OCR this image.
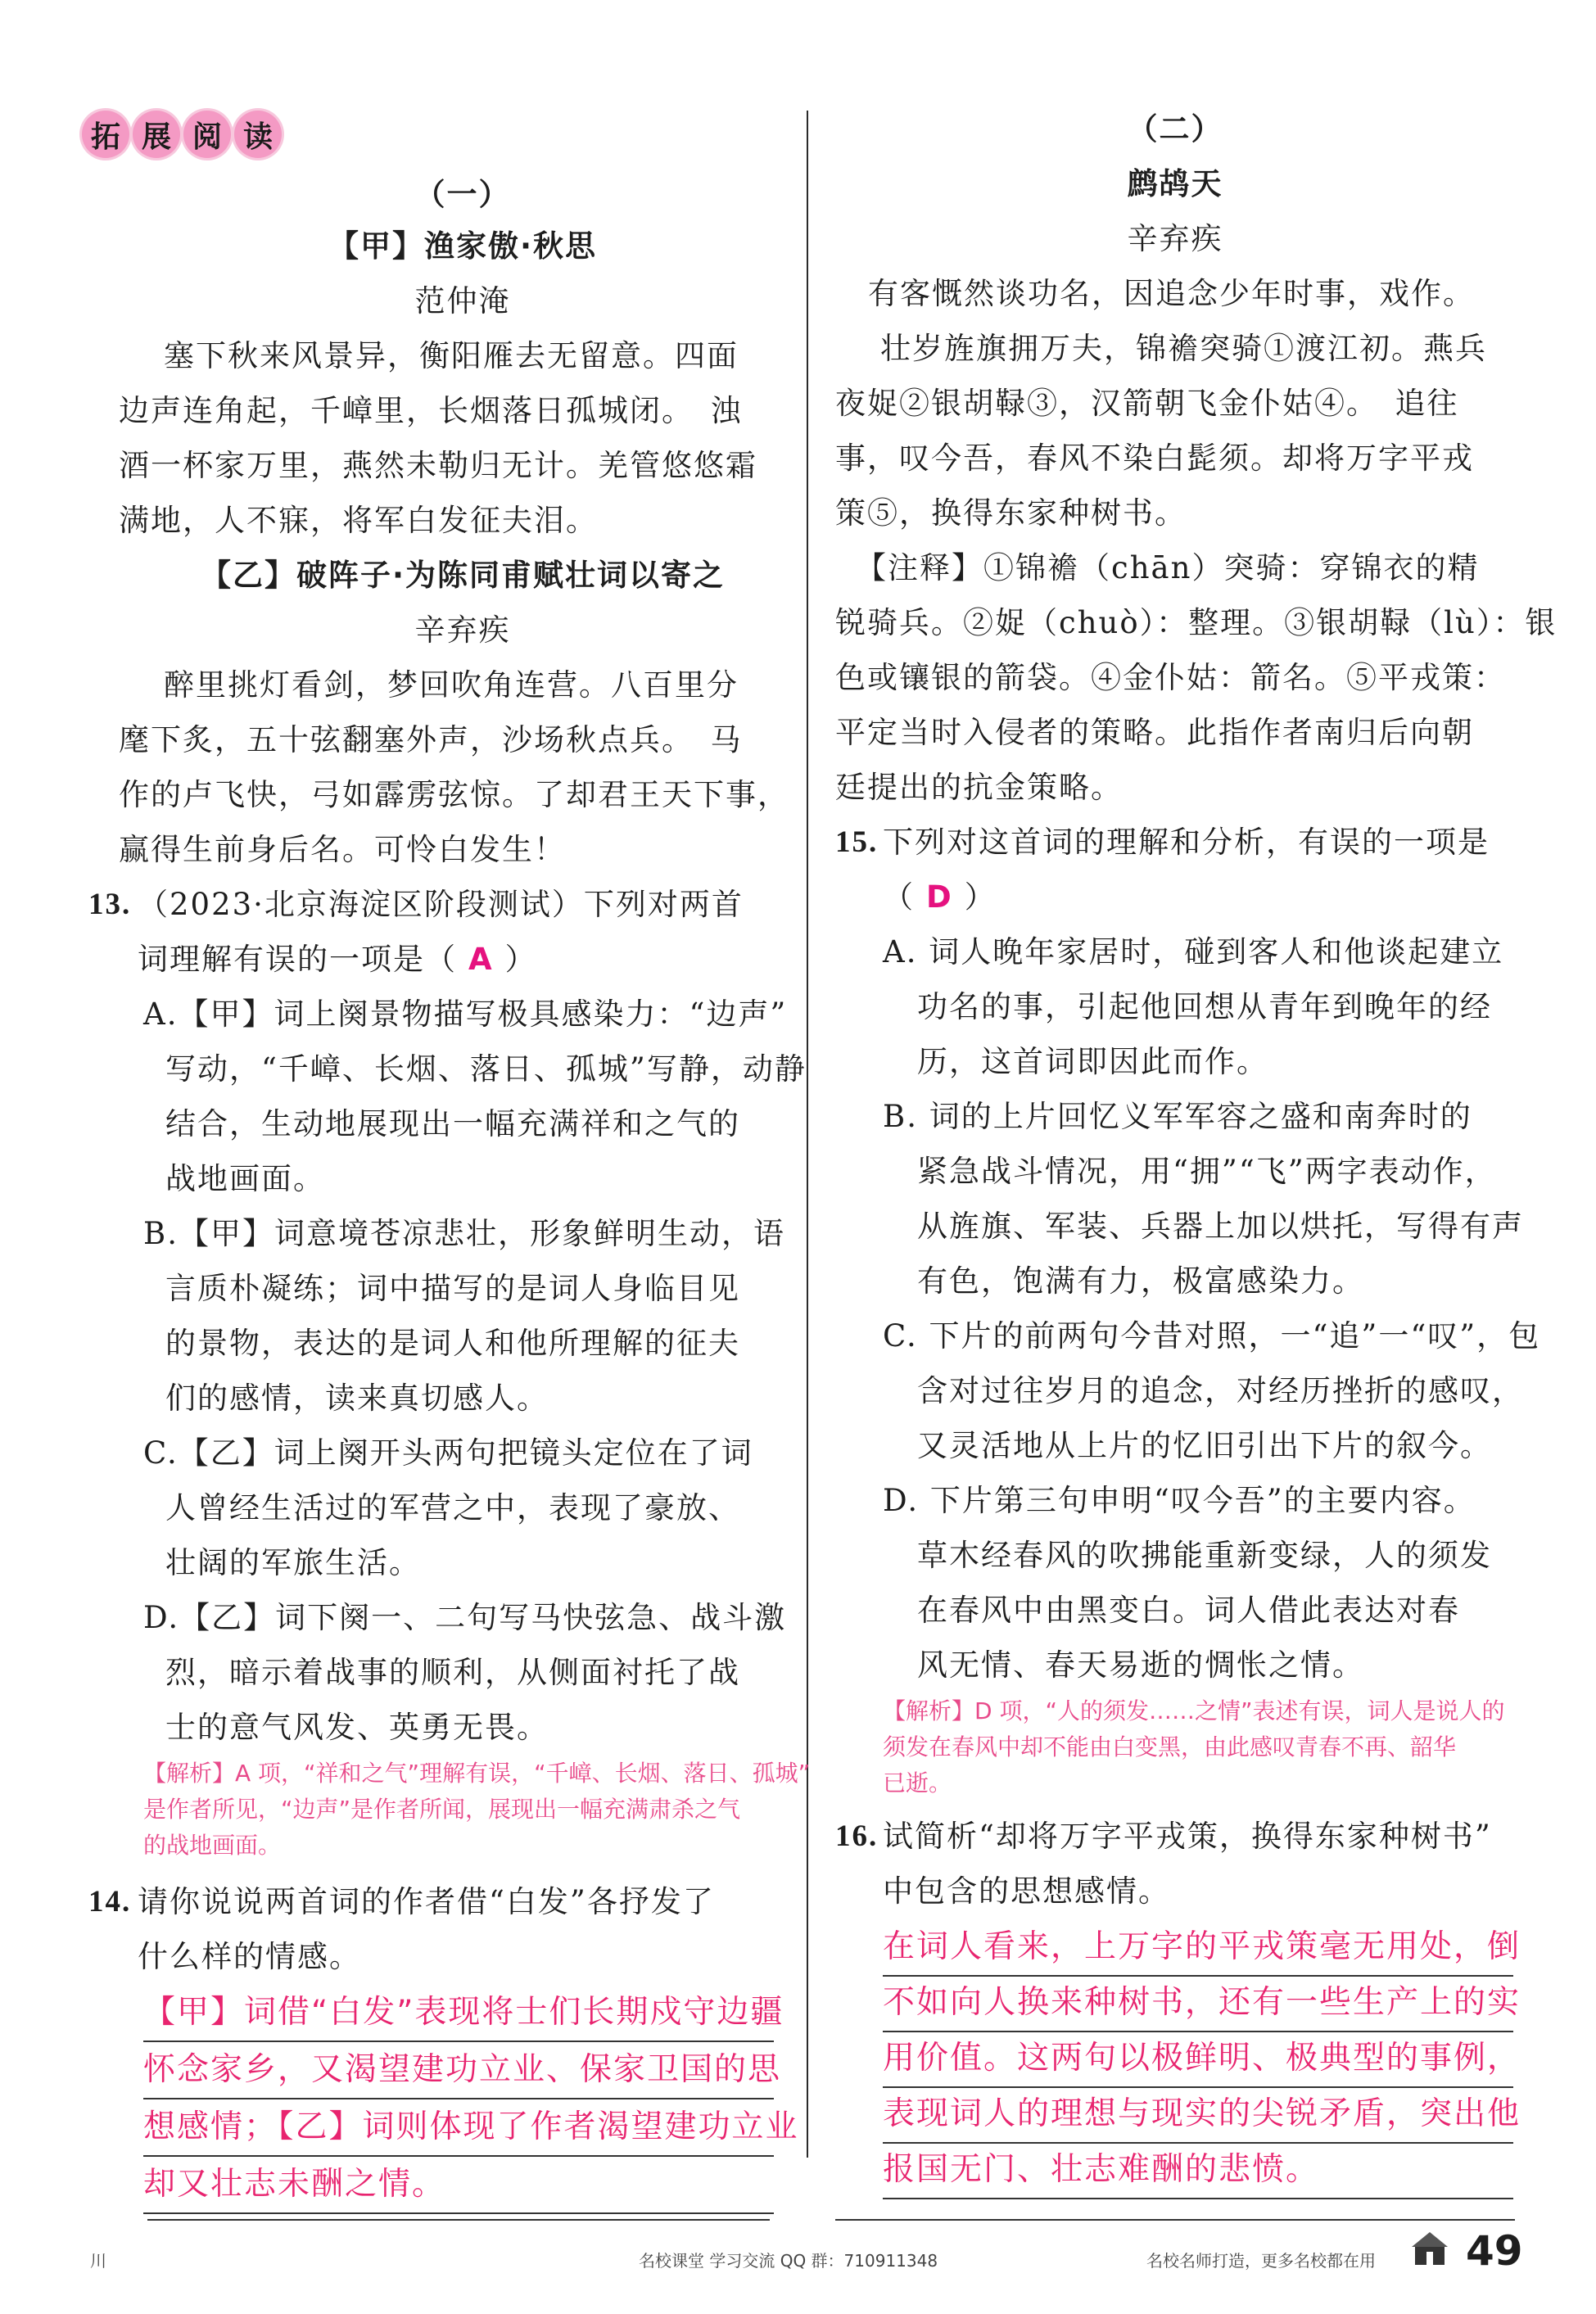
拓 展 阅 读
（一）
【甲】渔家傲·秋思
范仲淹
塞下秋来风景异，衡阳雁去无留意。四面
边声连角起，千嶂里，长烟落日孤城闭。　浊
酒一杯家万里，燕然未勒归无计。羌管悠悠霜
满地，人不寐，将军白发征夫泪。
【乙】破阵子·为陈同甫赋壮词以寄之
辛弃疾
醉里挑灯看剑，梦回吹角连营。八百里分
麾下炙，五十弦翻塞外声，沙场秋点兵。　马
作的卢飞快，弓如霹雳弦惊。了却君王天下事，
赢得生前身后名。可怜白发生！
13. （2023·北京海淀区阶段测试）下列对两首
词理解有误的一项是（ A ）
A.【甲】词上阕景物描写极具感染力：“边声”
写动，“千嶂、长烟、落日、孤城”写静，动静
结合，生动地展现出一幅充满祥和之气的
战地画面。
B.【甲】词意境苍凉悲壮，形象鲜明生动，语
言质朴凝练；词中描写的是词人身临目见
的景物，表达的是词人和他所理解的征夫
们的感情，读来真切感人。
C.【乙】词上阕开头两句把镜头定位在了词
人曾经生活过的军营之中，表现了豪放、
壮阔的军旅生活。
D.【乙】词下阕一、二句写马快弦急、战斗激
烈，暗示着战事的顺利，从侧面衬托了战
士的意气风发、英勇无畏。
【解析】A 项，“祥和之气”理解有误，“千嶂、长烟、落日、孤城”
是作者所见，“边声”是作者所闻，展现出一幅充满肃杀之气
的战地画面。
14. 请你说说两首词的作者借“白发”各抒发了
什么样的情感。
【甲】词借“白发”表现将士们长期戍守边疆
怀念家乡，又渴望建功立业、保家卫国的思
想感情；【乙】词则体现了作者渴望建功立业
却又壮志未酬之情。
（二）
鹧鸪天
辛弃疾
有客慨然谈功名，因追念少年时事，戏作。
壮岁旌旗拥万夫，锦襜突骑①渡江初。燕兵
夜娖②银胡䩮③，汉箭朝飞金仆姑④。　追往
事，叹今吾，春风不染白髭须。却将万字平戎
策⑤，换得东家种树书。
【注释】①锦襜（chān）突骑：穿锦衣的精
锐骑兵。②娖（chuò）：整理。③银胡䩮（lù）：银
色或镶银的箭袋。④金仆姑：箭名。⑤平戎策：
平定当时入侵者的策略。此指作者南归后向朝
廷提出的抗金策略。
15. 下列对这首词的理解和分析，有误的一项是
（ D ）
A. 词人晚年家居时，碰到客人和他谈起建立
功名的事，引起他回想从青年到晚年的经
历，这首词即因此而作。
B. 词的上片回忆义军军容之盛和南奔时的
紧急战斗情况，用“拥”“飞”两字表动作，
从旌旗、军装、兵器上加以烘托，写得有声
有色，饱满有力，极富感染力。
C. 下片的前两句今昔对照，一“追”一“叹”，包
含对过往岁月的追念，对经历挫折的感叹，
又灵活地从上片的忆旧引出下片的叙今。
D. 下片第三句申明“叹今吾”的主要内容。
草木经春风的吹拂能重新变绿，人的须发
在春风中由黑变白。词人借此表达对春
风无情、春天易逝的惆怅之情。
【解析】D 项，“人的须发……之情”表述有误，词人是说人的
须发在春风中却不能由白变黑，由此感叹青春不再、韶华
已逝。
16. 试简析“却将万字平戎策，换得东家种树书”
中包含的思想感情。
在词人看来，上万字的平戎策毫无用处，倒
不如向人换来种树书，还有一些生产上的实
用价值。这两句以极鲜明、极典型的事例，
表现词人的理想与现实的尖锐矛盾，突出他
报国无门、壮志难酬的悲愤。
川	名校课堂 学习交流 QQ 群：710911348	名校名师打造，更多名校都在用 49
